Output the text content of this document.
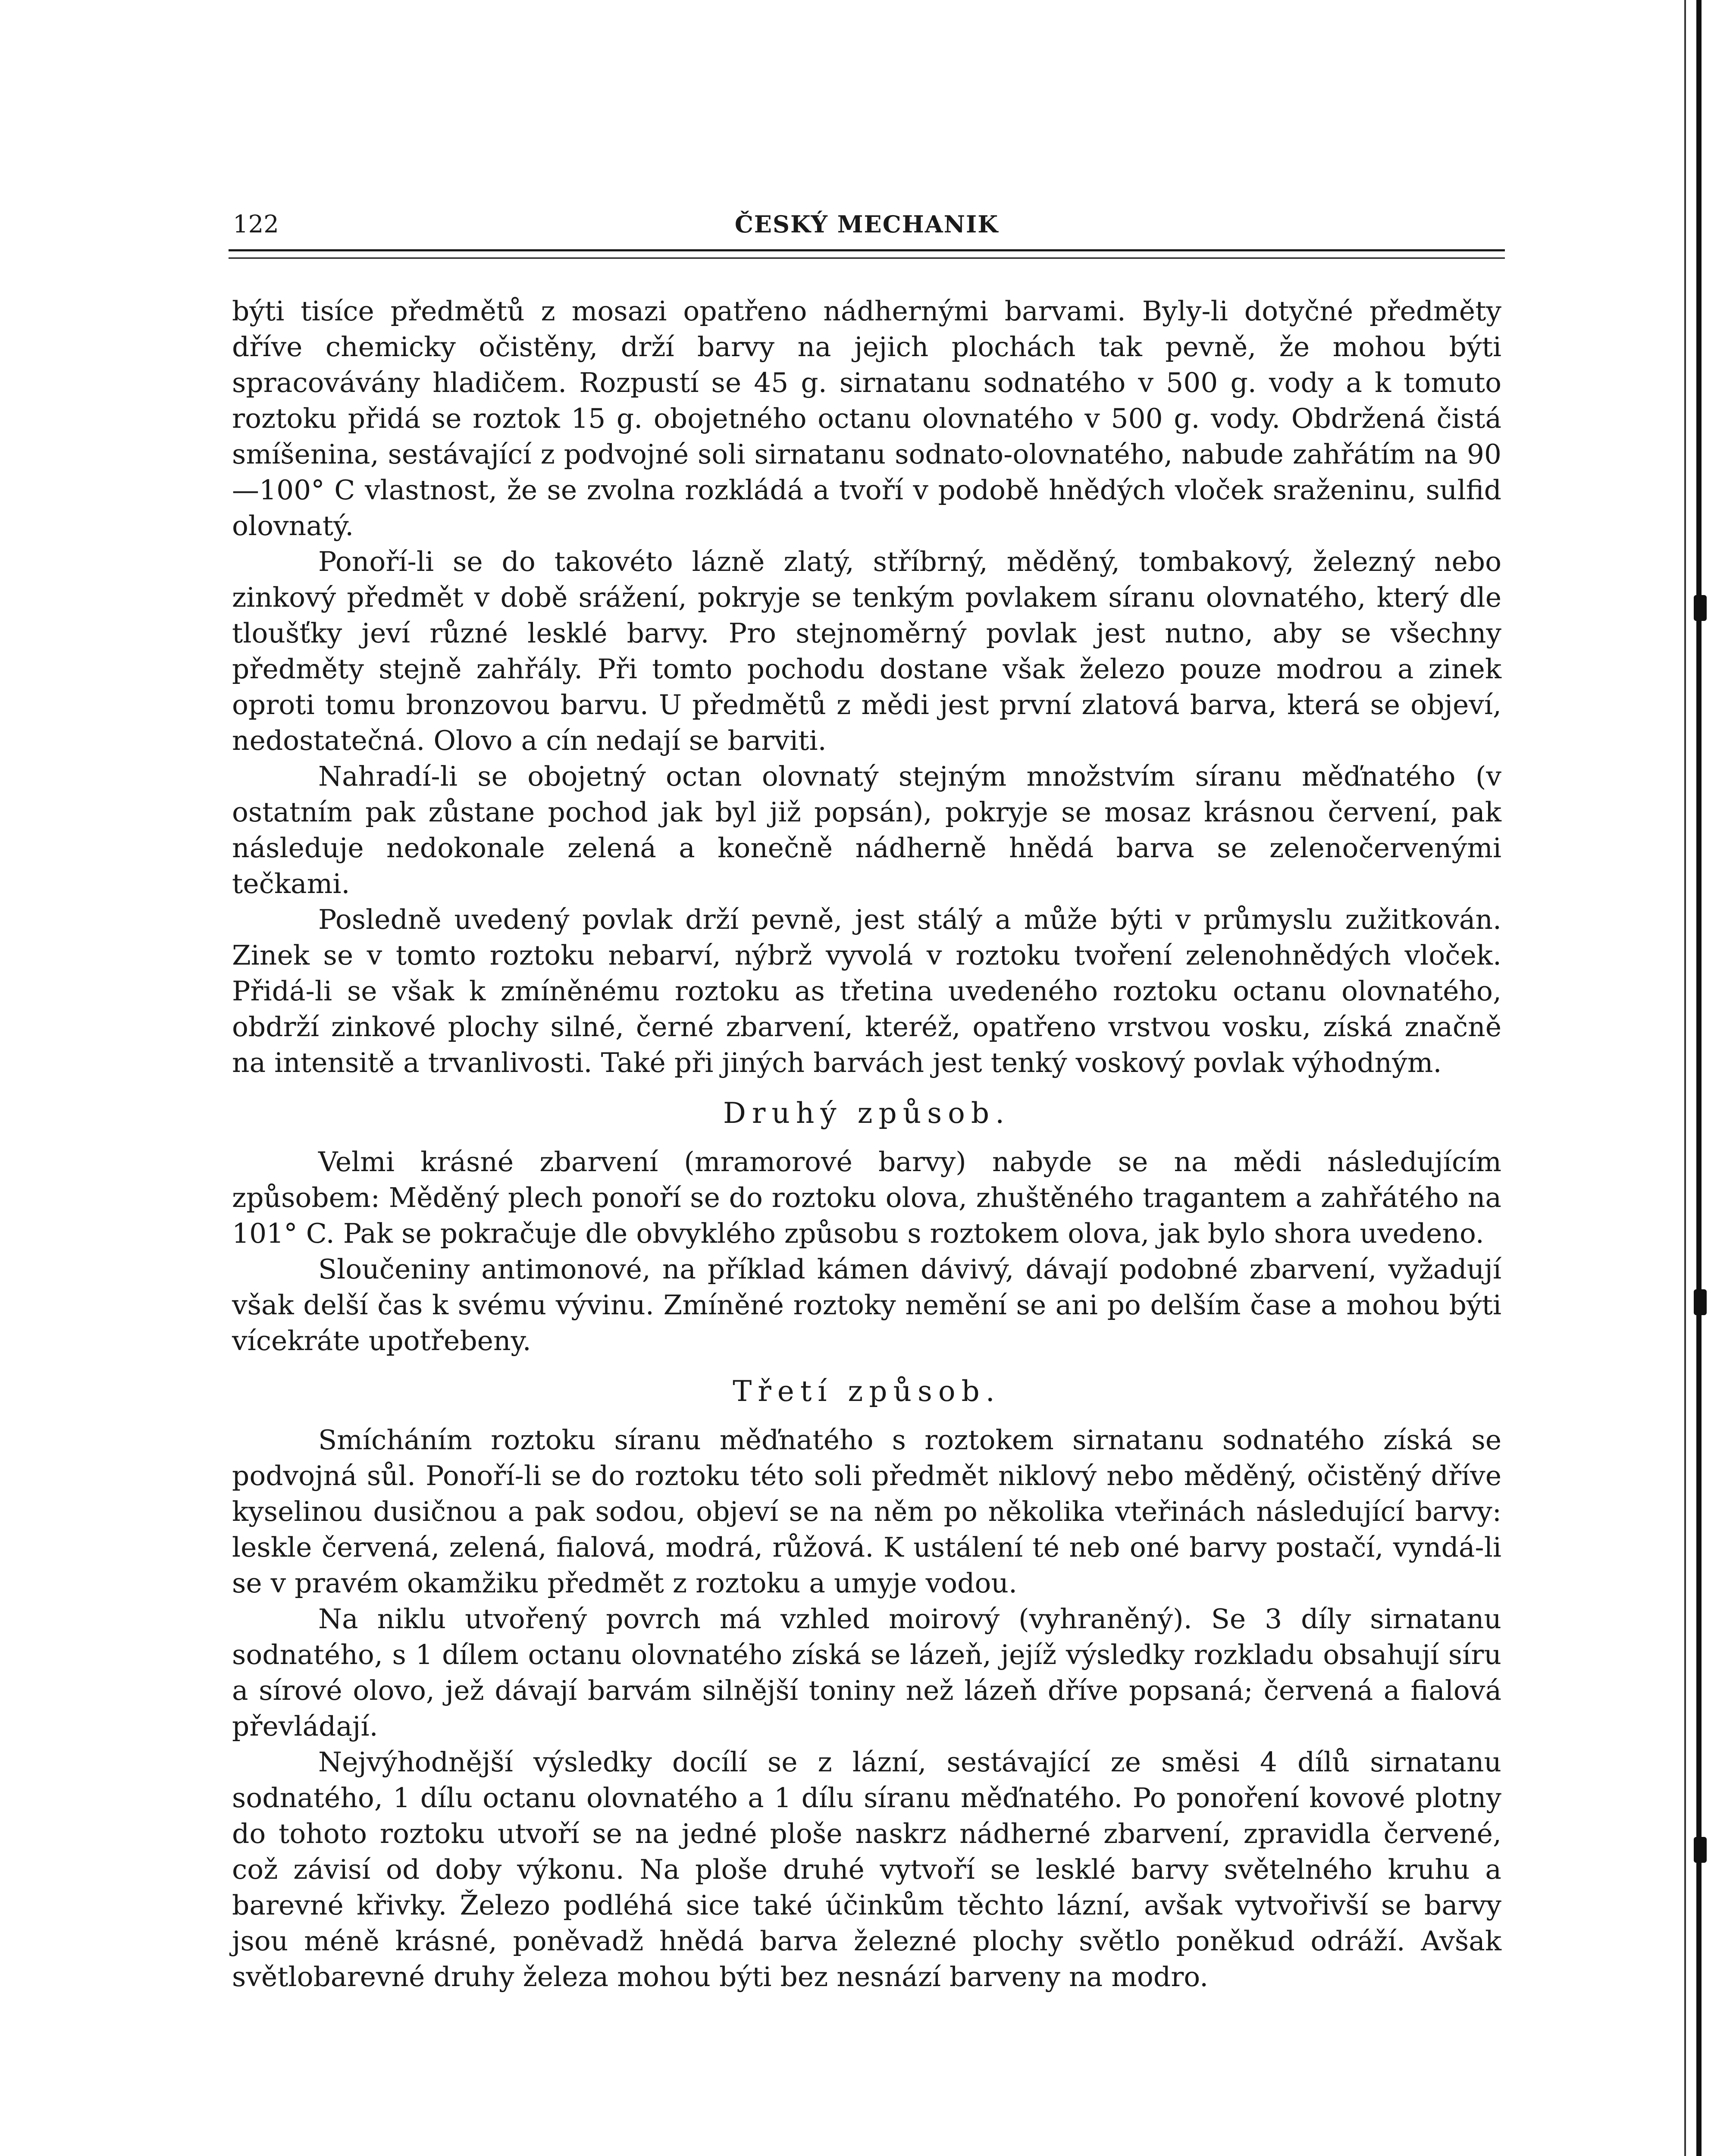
122	ČESKÝ MECHANIK

býti tisíce předmětů z mosazi opatřeno nádhernými barvami. Byly-li dotyčné předměty dříve chemicky očistěny, drží barvy na jejich plochách tak pevně, že mohou býti spracovávány hladičem. Rozpustí se 45 g. sirnatanu sodnatého v 500 g. vody a k tomuto roztoku přidá se roztok 15 g. obojetného octanu olovnatého v 500 g. vody. Obdržená čistá smíšenina, sestávající z podvojné soli sirnatanu sodnato-olovnatého, nabude zahřátím na 90—100° C vlastnost, že se zvolna rozkládá a tvoří v podobě hnědých vloček sraženinu, sulfid olovnatý.

Ponoří-li se do takovéto lázně zlatý, stříbrný, měděný, tombakový, železný nebo zinkový předmět v době srážení, pokryje se tenkým povlakem síranu olovnatého, který dle tloušťky jeví různé lesklé barvy. Pro stejnoměrný povlak jest nutno, aby se všechny předměty stejně zahřály. Při tomto pochodu dostane však železo pouze modrou a zinek oproti tomu bronzovou barvu. U předmětů z mědi jest první zlatová barva, která se objeví, nedostatečná. Olovo a cín nedají se barviti.

Nahradí-li se obojetný octan olovnatý stejným množstvím síranu měďnatého (v ostatním pak zůstane pochod jak byl již popsán), pokryje se mosaz krásnou červení, pak následuje nedokonale zelená a konečně nádherně hnědá barva se zelenočervenými tečkami.

Posledně uvedený povlak drží pevně, jest stálý a může býti v průmyslu zužitkován. Zinek se v tomto roztoku nebarví, nýbrž vyvolá v roztoku tvoření zelenohnědých vloček. Přidá-li se však k zmíněnému roztoku as třetina uvedeného roztoku octanu olovnatého, obdrží zinkové plochy silné, černé zbarvení, kteréž, opatřeno vrstvou vosku, získá značně na intensitě a trvanlivosti. Také při jiných barvách jest tenký voskový povlak výhodným.

Druhý způsob.

Velmi krásné zbarvení (mramorové barvy) nabyde se na mědi následujícím způsobem: Měděný plech ponoří se do roztoku olova, zhuštěného tragantem a zahřátého na 101° C. Pak se pokračuje dle obvyklého způsobu s roztokem olova, jak bylo shora uvedeno.

Sloučeniny antimonové, na příklad kámen dávivý, dávají podobné zbarvení, vyžadují však delší čas k svému vývinu. Zmíněné roztoky nemění se ani po delším čase a mohou býti vícekráte upotřebeny.

Třetí způsob.

Smícháním roztoku síranu měďnatého s roztokem sirnatanu sodnatého získá se podvojná sůl. Ponoří-li se do roztoku této soli předmět niklový nebo měděný, očistěný dříve kyselinou dusičnou a pak sodou, objeví se na něm po několika vteřinách následující barvy: leskle červená, zelená, fialová, modrá, růžová. K ustálení té neb oné barvy postačí, vyndá-li se v pravém okamžiku předmět z roztoku a umyje vodou.

Na niklu utvořený povrch má vzhled moirový (vyhraněný). Se 3 díly sirnatanu sodnatého, s 1 dílem octanu olovnatého získá se lázeň, jejíž výsledky rozkladu obsahují síru a sírové olovo, jež dávají barvám silnější toniny než lázeň dříve popsaná; červená a fialová převládají.

Nejvýhodnější výsledky docílí se z lázní, sestávající ze směsi 4 dílů sirnatanu sodnatého, 1 dílu octanu olovnatého a 1 dílu síranu měďnatého. Po ponoření kovové plotny do tohoto roztoku utvoří se na jedné ploše naskrz nádherné zbarvení, zpravidla červené, což závisí od doby výkonu. Na ploše druhé vytvoří se lesklé barvy světelného kruhu a barevné křivky. Železo podléhá sice také účinkům těchto lázní, avšak vytvořivší se barvy jsou méně krásné, poněvadž hnědá barva železné plochy světlo poněkud odráží. Avšak světlobarevné druhy železa mohou býti bez nesnází barveny na modro.
